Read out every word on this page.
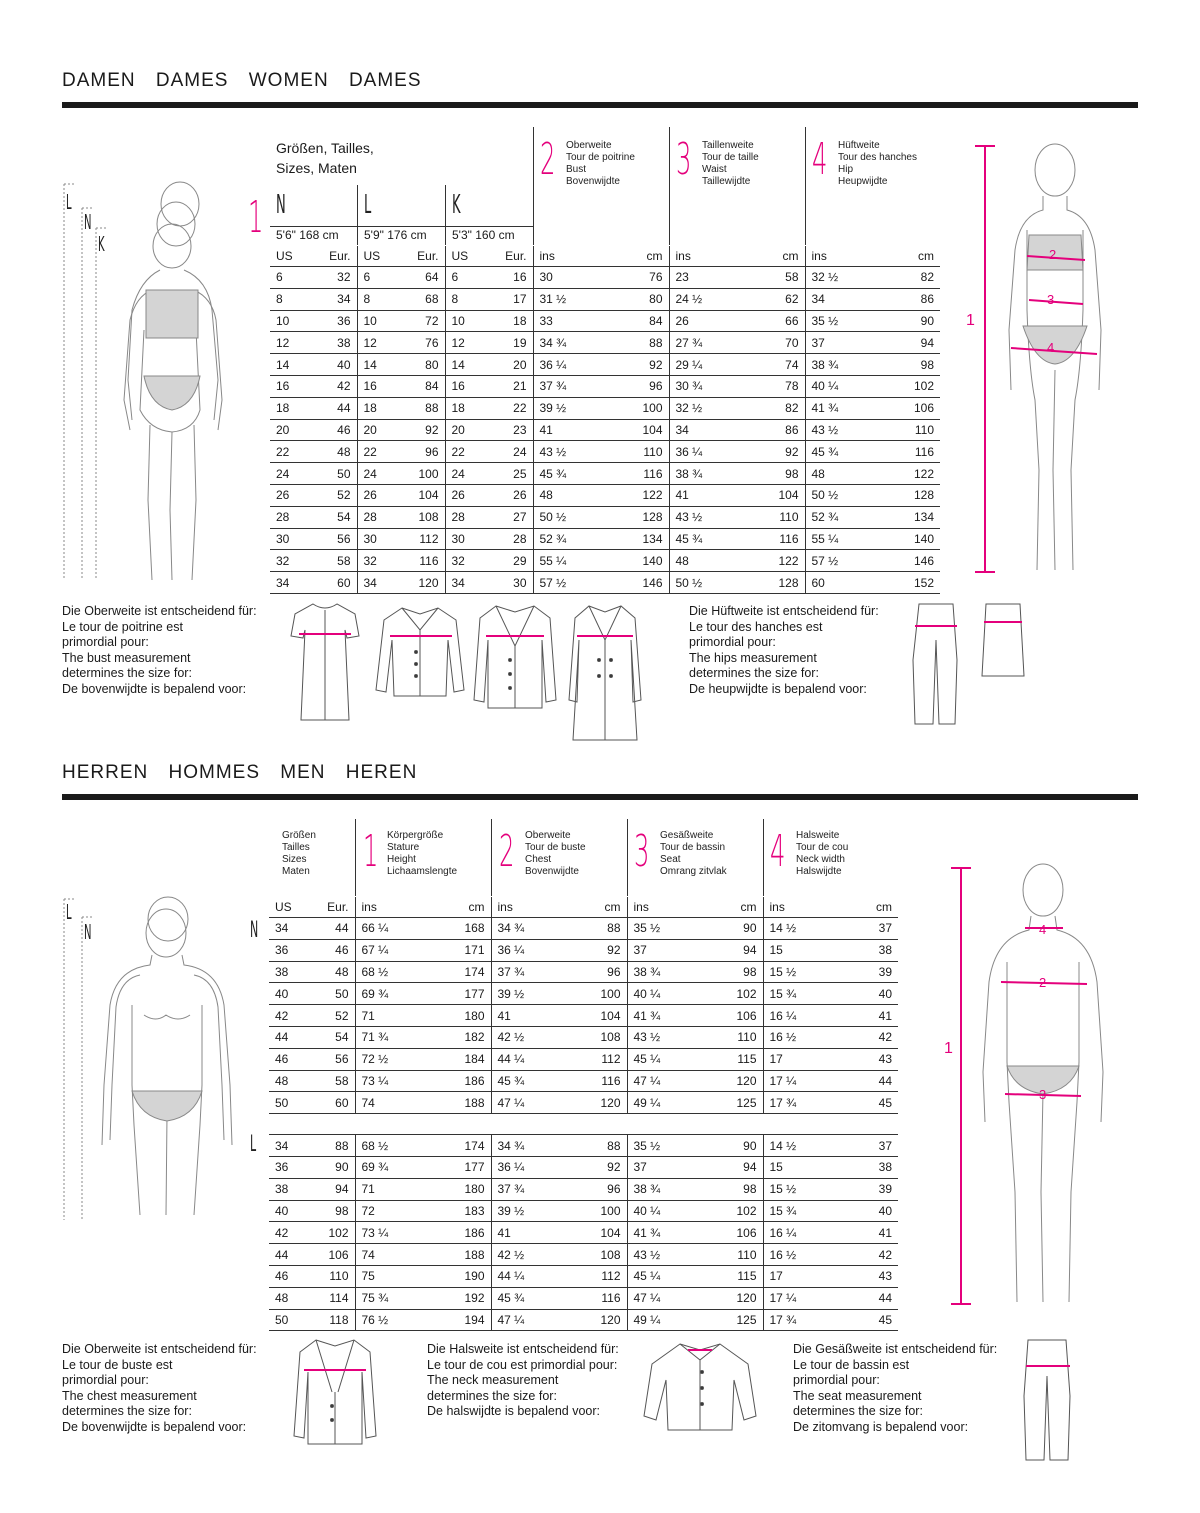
DAMEN DAMES WOMEN DAMES
Größen, Tailles,
Sizes, Maten
1 N	L	K
5'6" 168 cm 5'9" 176 cm 5'3" 160 cm
2 Oberweite
Tour de poitrine
Bust
Bovenwijdte	3 Taillenweite
Tour de taille
Waist
Taillewijdte	4 Hüftweite
Tour des hanches
Hip
Heupwijdte
US	Eur.	US	Eur.	US	Eur.	ins	cm	ins	cm	ins	cm
6	32	6	64	6	16	30	76	23	58	32 ½	82
8	34	8	68	8	17	31 ½	80	24 ½	62	34	86
10	36	10	72	10	18	33	84	26	66	35 ½	90
12	38	12	76	12	19	34 ¾	88	27 ¾	70	37	94
14	40	14	80	14	20	36 ¼	92	29 ¼	74	38 ¾	98
16	42	16	84	16	21	37 ¾	96	30 ¾	78	40 ¼	102
18	44	18	88	18	22	39 ½	100	32 ½	82	41 ¾	106
20	46	20	92	20	23	41	104	34	86	43 ½	110
22	48	22	96	22	24	43 ½	110	36 ¼	92	45 ¾	116
24	50	24	100	24	25	45 ¾	116	38 ¾	98	48	122
26	52	26	104	26	26	48	122	41	104	50 ½	128
28	54	28	108	28	27	50 ½	128	43 ½	110	52 ¾	134
30	56	30	112	30	28	52 ¾	134	45 ¾	116	55 ¼	140
32	58	32	116	32	29	55 ¼	140	48	122	57 ½	146
34	60	34	120	34	30	57 ½	146	50 ½	128	60	152
L
N
K
1
2
3
4
Die Oberweite ist entscheidend für:
Le tour de poitrine est
primordial pour:
The bust measurement
determines the size for:
De bovenwijdte is bepalend voor:
Die Hüftweite ist entscheidend für:
Le tour des hanches est
primordial pour:
The hips measurement
determines the size for:
De heupwijdte is bepalend voor:
HERREN HOMMES MEN HEREN
Größen
Tailles
Sizes
Maten 1 Körpergröße
Stature
Height
Lichaamslengte 2 Oberweite
Tour de buste
Chest
Bovenwijdte	3 Gesäßweite
Tour de bassin
Seat
Omrang zitvlak 4 Halsweite
Tour de cou
Neck width
Halswijdte
N
L
US	Eur.	ins	cm	ins	cm	ins	cm	ins	cm
34	44	66 ¼	168	34 ¾	88	35 ½	90	14 ½	37
36	46	67 ¼	171	36 ¼	92	37	94	15	38
38	48	68 ½	174	37 ¾	96	38 ¾	98	15 ½	39
40	50	69 ¾	177	39 ½	100	40 ¼	102	15 ¾	40
42	52	71	180	41	104	41 ¾	106	16 ¼	41
44	54	71 ¾	182	42 ½	108	43 ½	110	16 ½	42
46	56	72 ½	184	44 ¼	112	45 ¼	115	17	43
48	58	73 ¼	186	45 ¾	116	47 ¼	120	17 ¼	44
50	60	74	188	47 ¼	120	49 ¼	125	17 ¾	45

34	88	68 ½	174	34 ¾	88	35 ½	90	14 ½	37
36	90	69 ¾	177	36 ¼	92	37	94	15	38
38	94	71	180	37 ¾	96	38 ¾	98	15 ½	39
40	98	72	183	39 ½	100	40 ¼	102	15 ¾	40
42	102	73 ¼	186	41	104	41 ¾	106	16 ¼	41
44	106	74	188	42 ½	108	43 ½	110	16 ½	42
46	110	75	190	44 ¼	112	45 ¼	115	17	43
48	114	75 ¾	192	45 ¾	116	47 ¼	120	17 ¼	44
50	118	76 ½	194	47 ¼	120	49 ¼	125	17 ¾	45
L
N
1
2
3
4
Die Oberweite ist entscheidend für:
Le tour de buste est
primordial pour:
The chest measurement
determines the size for:
De bovenwijdte is bepalend voor:
Die Halsweite ist entscheidend für:
Le tour de cou est primordial pour:
The neck measurement
determines the size for:
De halswijdte is bepalend voor:
Die Gesäßweite ist entscheidend für:
Le tour de bassin est
primordial pour:
The seat measurement
determines the size for:
De zitomvang is bepalend voor:
